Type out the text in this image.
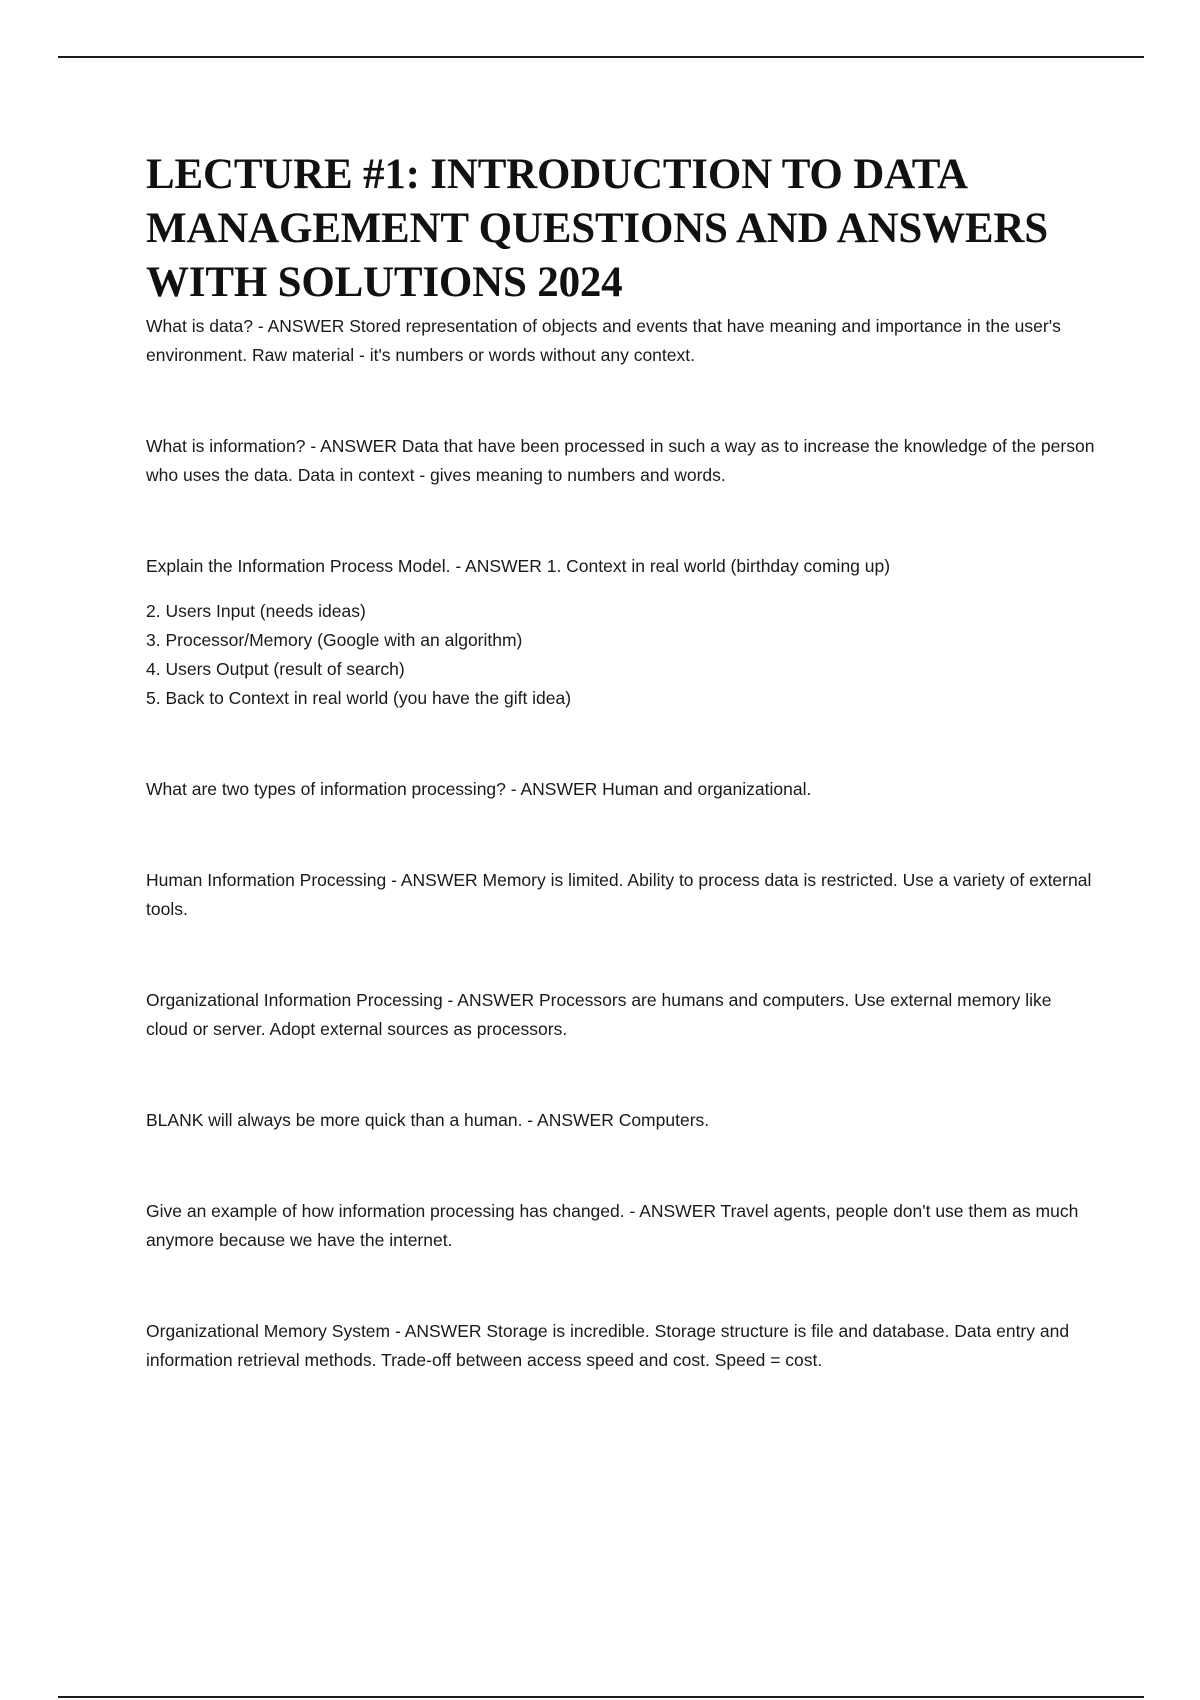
LECTURE #1: INTRODUCTION TO DATA MANAGEMENT QUESTIONS AND ANSWERS WITH SOLUTIONS 2024

What is data? - ANSWER Stored representation of objects and events that have meaning and importance in the user's environment. Raw material - it's numbers or words without any context.

What is information? - ANSWER Data that have been processed in such a way as to increase the knowledge of the person who uses the data. Data in context - gives meaning to numbers and words.

Explain the Information Process Model. - ANSWER 1. Context in real world (birthday coming up)

2. Users Input (needs ideas)

3. Processor/Memory (Google with an algorithm)

4. Users Output (result of search)

5. Back to Context in real world (you have the gift idea)

What are two types of information processing? - ANSWER Human and organizational.

Human Information Processing - ANSWER Memory is limited. Ability to process data is restricted. Use a variety of external tools.

Organizational Information Processing - ANSWER Processors are humans and computers. Use external memory like cloud or server. Adopt external sources as processors.

BLANK will always be more quick than a human. - ANSWER Computers.

Give an example of how information processing has changed. - ANSWER Travel agents, people don't use them as much anymore because we have the internet.

Organizational Memory System - ANSWER Storage is incredible. Storage structure is file and database. Data entry and information retrieval methods. Trade-off between access speed and cost. Speed = cost.
